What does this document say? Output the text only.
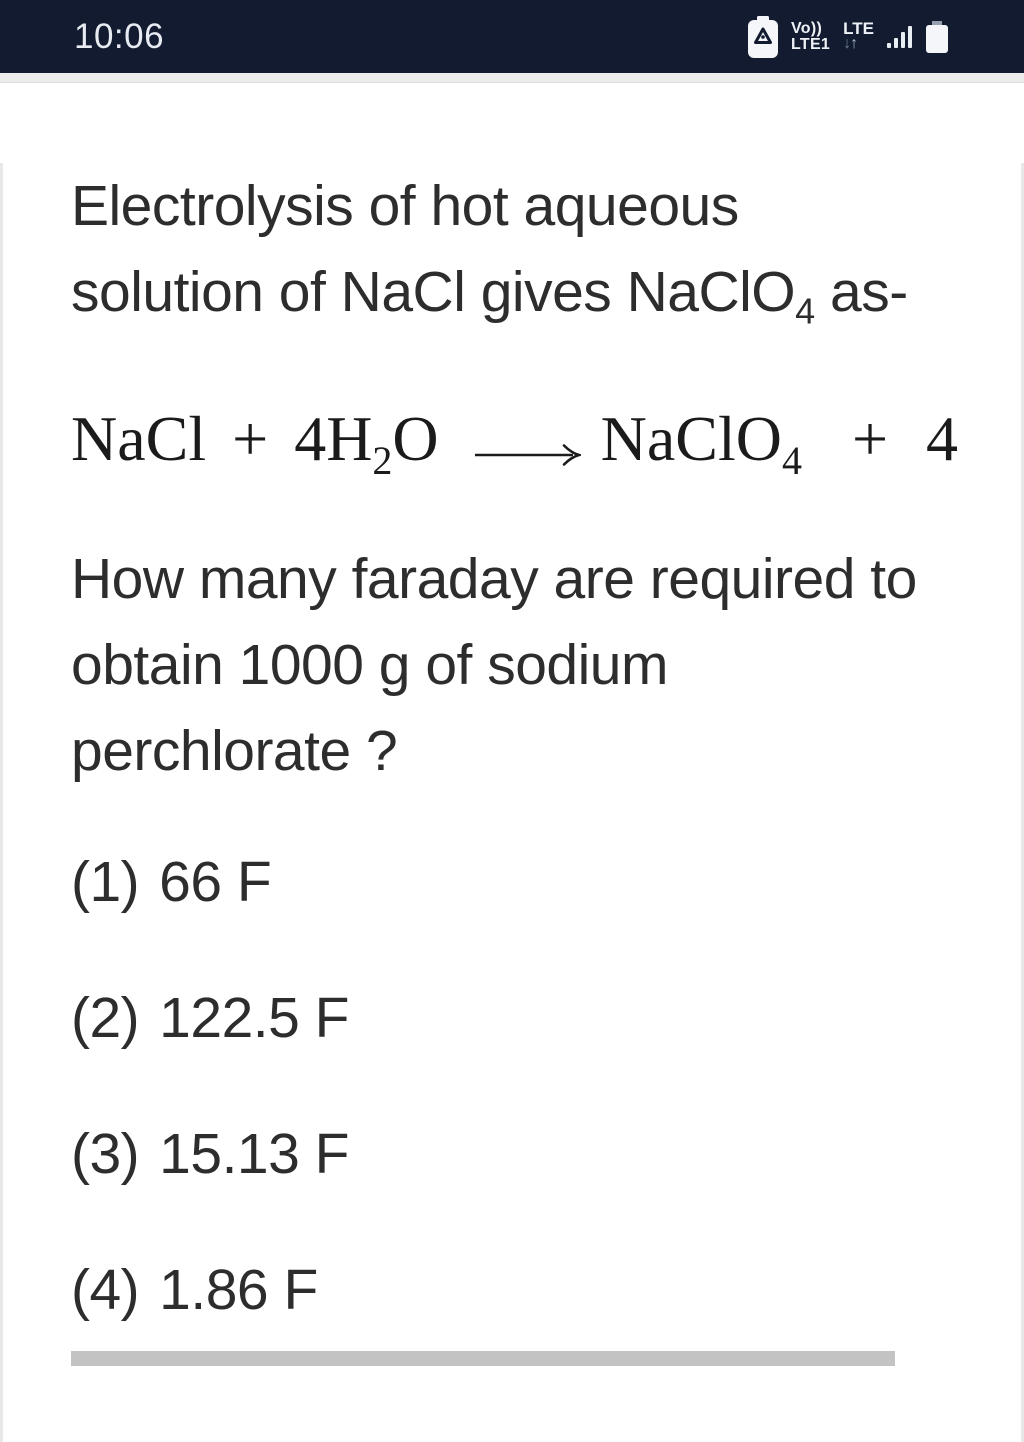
10:06	Vo))
LTE1
LTE
↓↑

Electrolysis of hot aqueous
solution of NaCl gives NaClO$_4$ as-

NaCl + $4H_2O$	NaClO$_4$ + 4

How many faraday are required to
obtain 1000 g of sodium
perchlorate ?

(1) 66 F
(2) 122.5 F
(3) 15.13 F
(4) 1.86 F
